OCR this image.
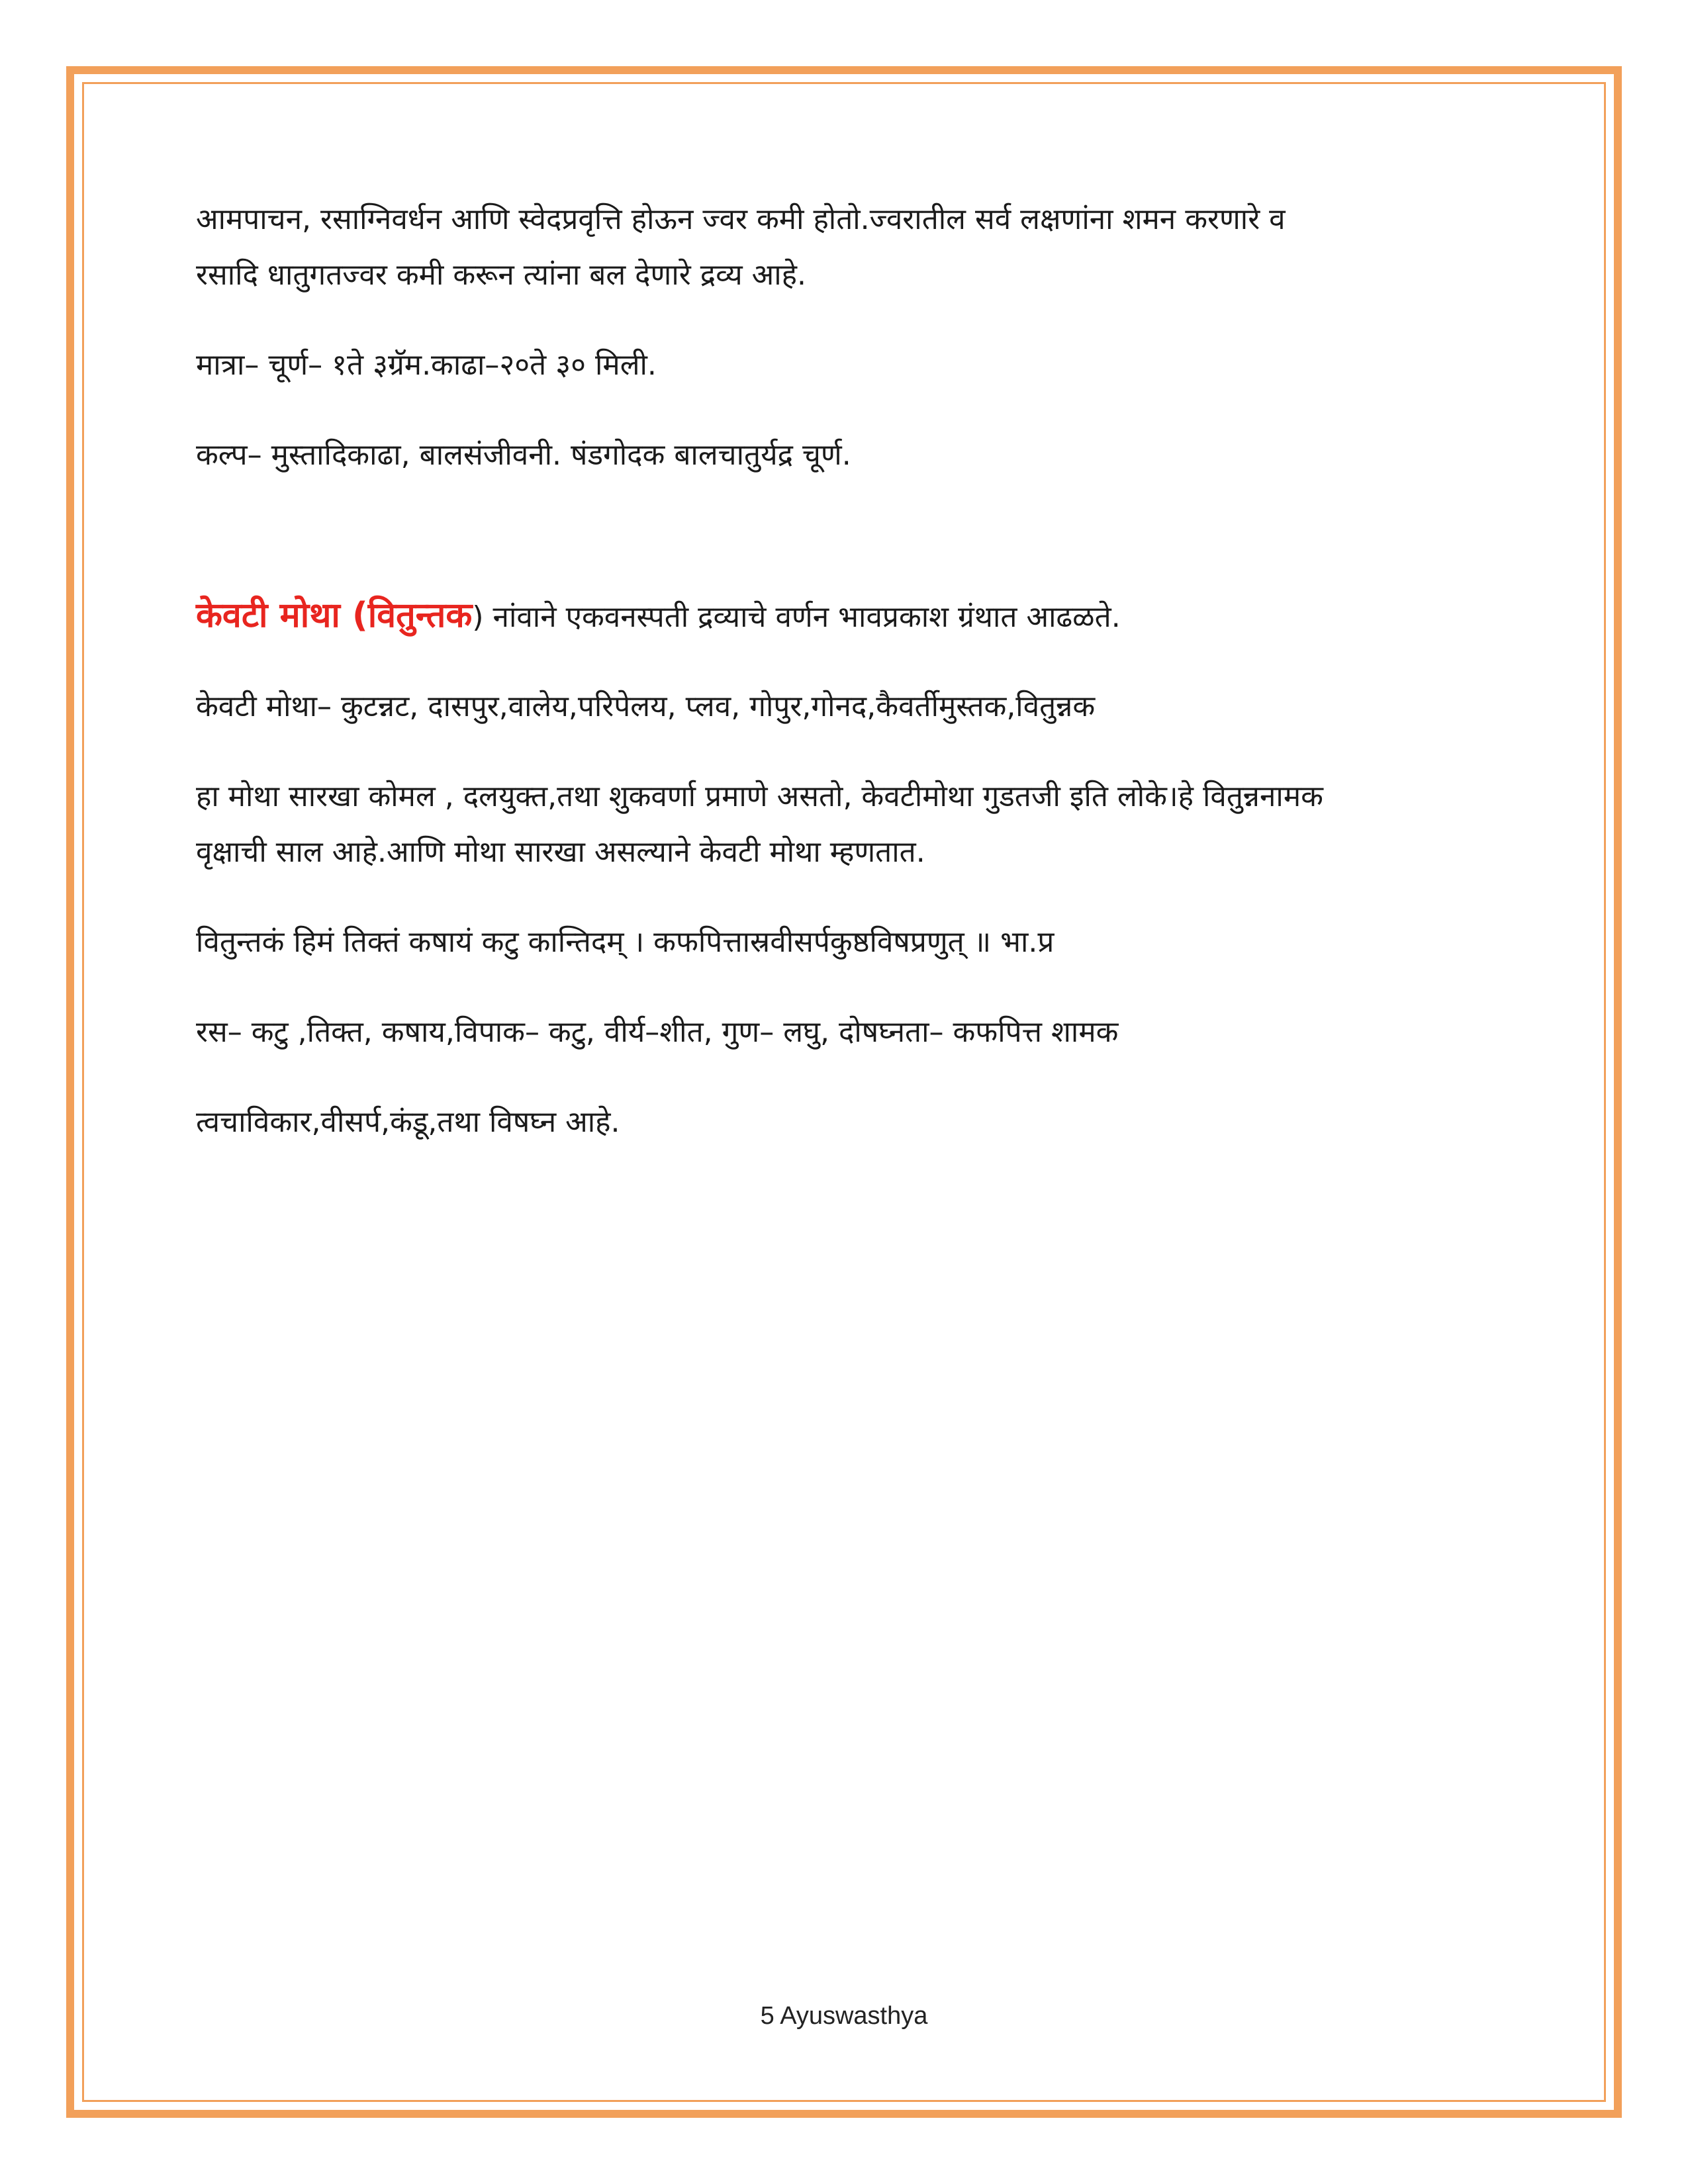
आमपाचन, रसाग्निवर्धन आणि स्वेदप्रवृत्ति होऊन ज्वर कमी होतो.ज्वरातील सर्व लक्षणांना शमन करणारे व

रसादि धातुगतज्वर कमी करून त्यांना बल देणारे द्रव्य आहे.

मात्रा– चूर्ण– १ते ३ग्रॅम.काढा–२०ते ३० मिली.

कल्प– मुस्तादिकाढा, बालसंजीवनी. षंडगोदक बालचातुर्यद्र चूर्ण.

केवटी मोथा (वितुन्तक) नांवाने एकवनस्पती द्रव्याचे वर्णन भावप्रकाश ग्रंथात आढळते.

केवटी मोथा– कुटन्नट, दासपुर,वालेय,परिपेलय, प्लव, गोपुर,गोनद,कैवर्तीमुस्तक,वितुन्नक

हा मोथा सारखा कोमल , दलयुक्त,तथा शुकवर्णा प्रमाणे असतो, केवटीमोथा गुडतजी इति लोके।हे वितुन्ननामक

वृक्षाची साल आहे.आणि मोथा सारखा असल्याने केवटी मोथा म्हणतात.

वितुन्तकं हिमं तिक्तं कषायं कटु कान्तिदम् । कफपित्तास्रवीसर्पकुष्ठविषप्रणुत् ॥ भा.प्र

रस– कटु ,तिक्त, कषाय,विपाक– कटु, वीर्य–शीत, गुण– लघु, दोषघ्नता– कफपित्त शामक

त्वचाविकार,वीसर्प,कंडू,तथा विषघ्न आहे.

5 Ayuswasthya
